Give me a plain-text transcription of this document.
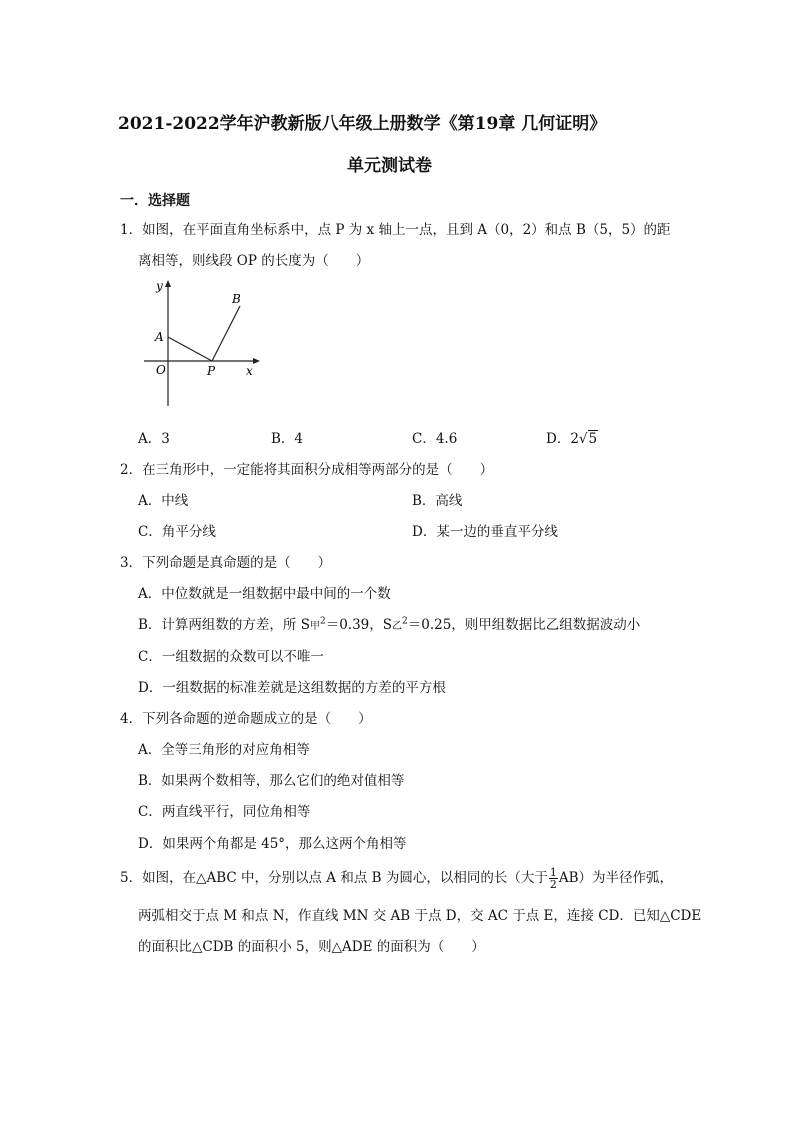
2021-2022学年沪教新版八年级上册数学《第19章 几何证明》
单元测试卷
一．选择题
1．如图，在平面直角坐标系中，点 P 为 x 轴上一点，且到 A（0，2）和点 B（5，5）的距
离相等，则线段 OP 的长度为（　　）
y
x
O
A
B
P
A．3	B．4	C．4.6	D．2√5
2．在三角形中，一定能将其面积分成相等两部分的是（　　）
A．中线	B．高线
C．角平分线	D．某一边的垂直平分线
3．下列命题是真命题的是（　　）
A．中位数就是一组数据中最中间的一个数
B．计算两组数的方差，所 S甲$^2$＝0.39，S乙$^2$＝0.25，则甲组数据比乙组数据波动小
C．一组数据的众数可以不唯一
D．一组数据的标准差就是这组数据的方差的平方根
4．下列各命题的逆命题成立的是（　　）
A．全等三角形的对应角相等
B．如果两个数相等，那么它们的绝对值相等
C．两直线平行，同位角相等
D．如果两个角都是 45°，那么这两个角相等
5．如图，在△ABC 中，分别以点 A 和点 B 为圆心，以相同的长（大于 $\frac{1}{2} AB$）为半径作弧，
两弧相交于点 M 和点 N，作直线 MN 交 AB 于点 D，交 AC 于点 E，连接 CD．已知△CDE
的面积比△CDB 的面积小 5，则△ADE 的面积为（　　）
